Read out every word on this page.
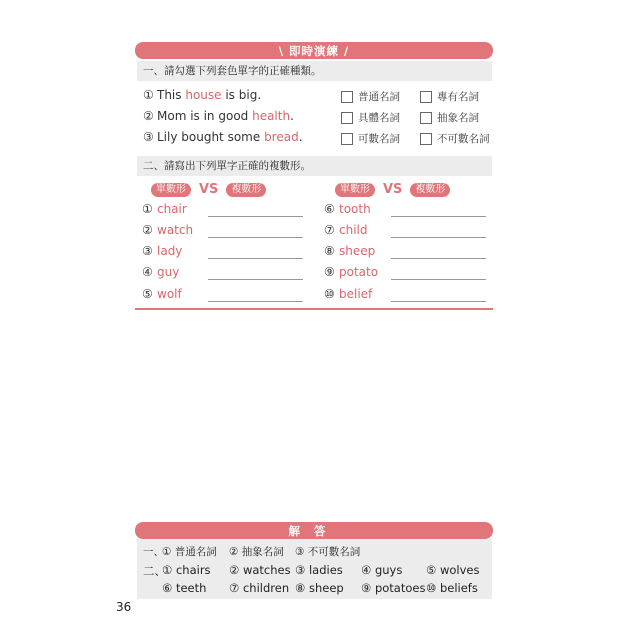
\ 即時演練 /
一、請勾選下列套色單字的正確種類。
① This house is big.
② Mom is in good health.
③ Lily bought some bread.
普通名詞	專有名詞
具體名詞	抽象名詞
可數名詞	不可數名詞
二、請寫出下列單字正確的複數形。
單數形	VS	複數形	單數形	VS	複數形
① chair
② watch
③ lady
④ guy
⑤ wolf
⑥ tooth
⑦ child
⑧ sheep
⑨ potato
⑩ belief
解答
一、
① 普通名詞 ② 抽象名詞 ③ 不可數名詞
二、
① chairs ② watches ③ ladies ④ guys ⑤ wolves
⑥ teeth ⑦ children ⑧ sheep ⑨ potatoes ⑩ beliefs
36
